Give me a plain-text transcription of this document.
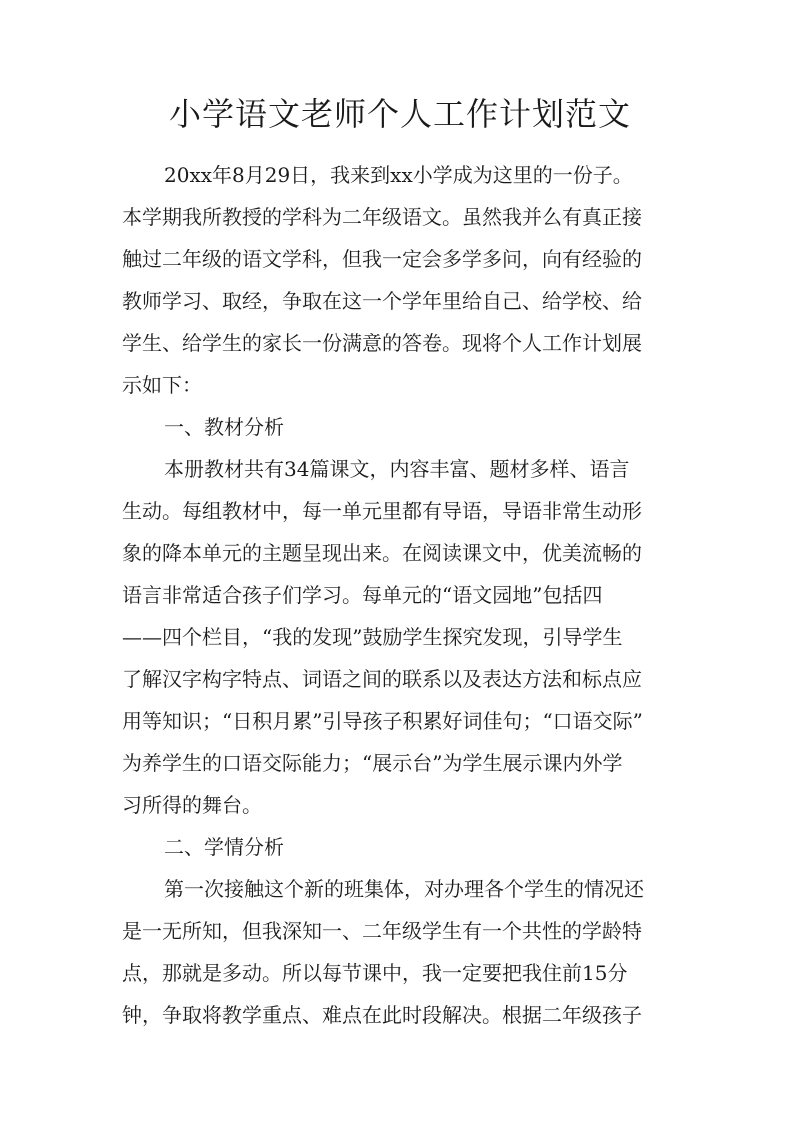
小学语文老师个人工作计划范文
20xx年8月29日，我来到xx小学成为这里的一份子。
本学期我所教授的学科为二年级语文。虽然我并么有真正接
触过二年级的语文学科，但我一定会多学多问，向有经验的
教师学习、取经，争取在这一个学年里给自己、给学校、给
学生、给学生的家长一份满意的答卷。现将个人工作计划展
示如下：
一、教材分析
本册教材共有34篇课文，内容丰富、题材多样、语言
生动。每组教材中，每一单元里都有导语，导语非常生动形
象的降本单元的主题呈现出来。在阅读课文中，优美流畅的
语言非常适合孩子们学习。每单元的“语文园地”包括四
——四个栏目，“我的发现”鼓励学生探究发现，引导学生
了解汉字构字特点、词语之间的联系以及表达方法和标点应
用等知识；“日积月累”引导孩子积累好词佳句；“口语交际”
为养学生的口语交际能力；“展示台”为学生展示课内外学
习所得的舞台。
二、学情分析
第一次接触这个新的班集体，对办理各个学生的情况还
是一无所知，但我深知一、二年级学生有一个共性的学龄特
点，那就是多动。所以每节课中，我一定要把我住前15分
钟，争取将教学重点、难点在此时段解决。根据二年级孩子
